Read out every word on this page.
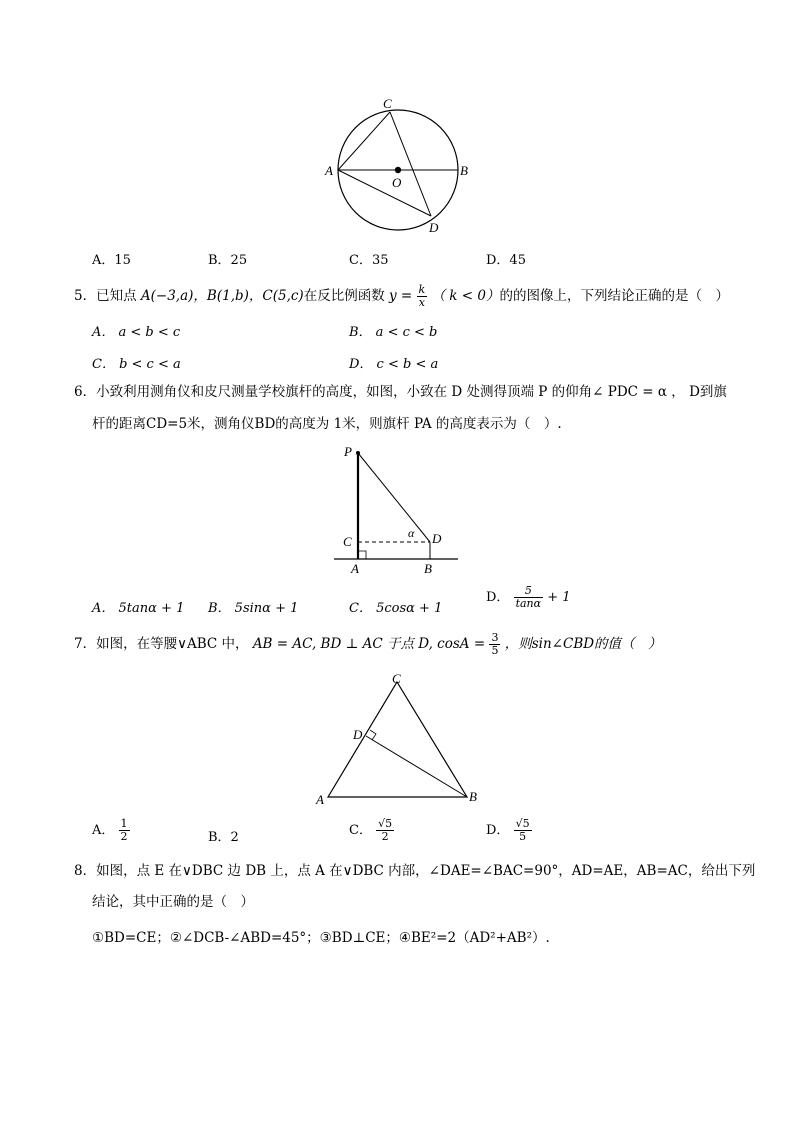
C
A
O
B
D
A．15	B．25	C．35	D．45
5．已知点 A(−3,a)，B(1,b)，C(5,c)在反比例函数 $y = \frac{k}{x}$ （ k < 0）的的图像上，下列结论正确的是（　）
A． a < b < c	B． a < c < b
C． b < c < a	D． c < b < a
6．小致利用测角仪和皮尺测量学校旗杆的高度，如图，小致在 D 处测得顶端 P 的仰角∠ PDC = α ， D到旗
杆的距离CD=5米，测角仪BD的高度为 1米，则旗杆 PA 的高度表示为（　）.
P
C
A	B
D
α
A． 5tanα + 1 B． 5sinα + 1	C． 5cosα + 1
D． $\frac{5}{\tan\alpha} + 1$
7．如图，在等腰∨ABC 中， AB = AC, BD ⊥ AC 于点 D, $\cos A = \frac{3}{5}$ ，则sin∠CBD的值（　）
C
D
A	B
A． $\frac{1}{2}$	B．2	C． $\frac{√5}{2}$	D． $\frac{√5}{5}$
8．如图，点 E 在∨DBC 边 DB 上，点 A 在∨DBC 内部，∠DAE=∠BAC=90°，AD=AE，AB=AC，给出下列
结论，其中正确的是（　）
①BD=CE；②∠DCB-∠ABD=45°；③BD⊥CE；④BE²=2（AD²+AB²）.
